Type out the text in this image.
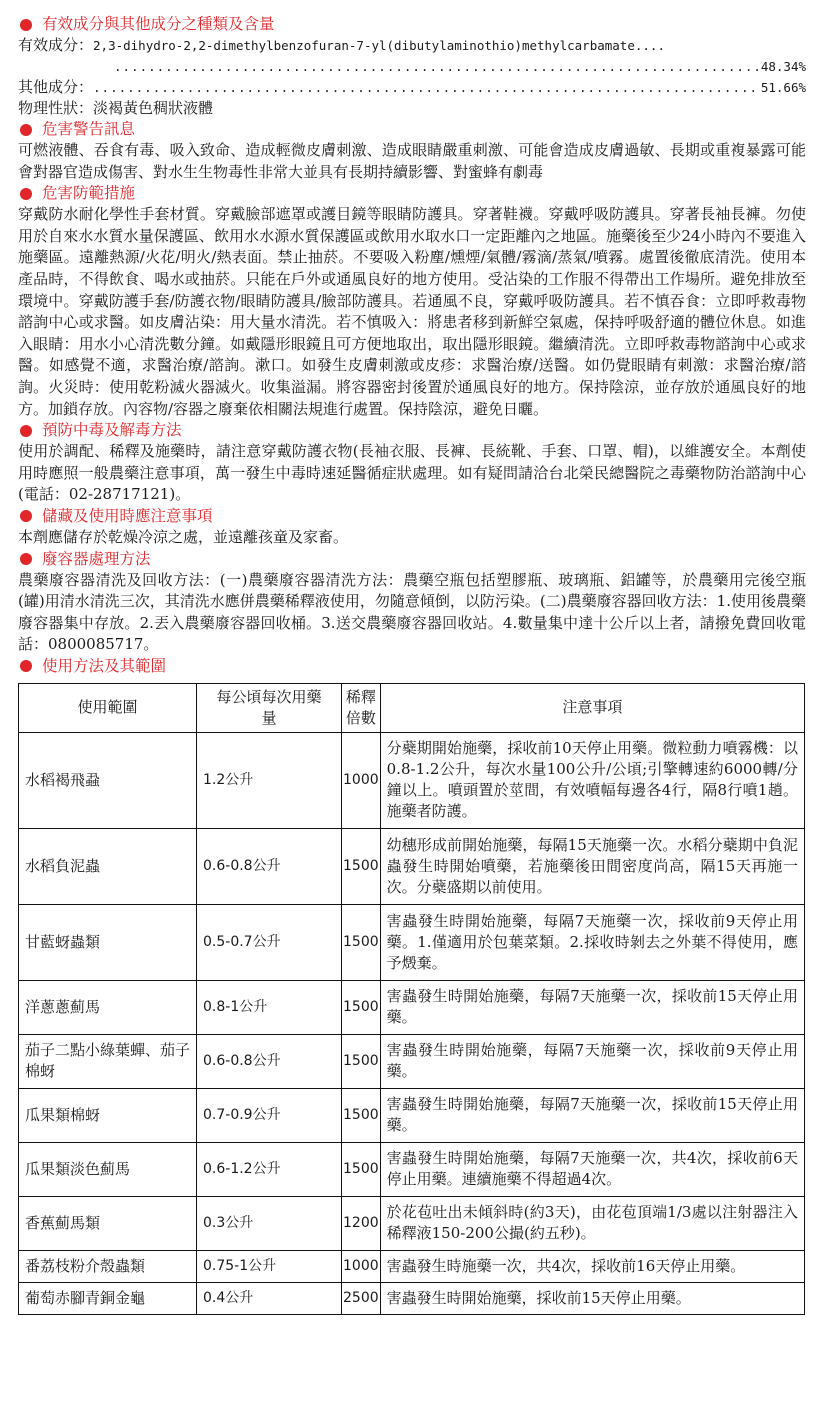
有效成分與其他成分之種類及含量
有效成分： 2,3-dihydro-2,2-dimethylbenzofuran-7-yl(dibutylaminothio)methylcarbamate....
.....
48.34%
其他成分： .....	51.66%
物理性狀：淡褐黃色稠狀液體
危害警告訊息
可燃液體、吞食有毒、吸入致命、造成輕微皮膚刺激、造成眼睛嚴重刺激、可能會造成皮膚過敏、長期或重複暴露可能會對器官造成傷害、對水生生物毒性非常大並具有長期持續影響、對蜜蜂有劇毒
危害防範措施
穿戴防水耐化學性手套材質。穿戴臉部遮罩或護目鏡等眼睛防護具。穿著鞋襪。穿戴呼吸防護具。穿著長袖長褲。勿使用於自來水水質水量保護區、飲用水水源水質保護區或飲用水取水口一定距離內之地區。施藥後至少24小時內不要進入施藥區。遠離熱源/火花/明火/熱表面。禁止抽菸。不要吸入粉塵/燻煙/氣體/霧滴/蒸氣/噴霧。處置後徹底清洗。使用本產品時，不得飲食、喝水或抽菸。只能在戶外或通風良好的地方使用。受沾染的工作服不得帶出工作場所。避免排放至環境中。穿戴防護手套/防護衣物/眼睛防護具/臉部防護具。若通風不良，穿戴呼吸防護具。若不慎吞食：立即呼救毒物諮詢中心或求醫。如皮膚沾染：用大量水清洗。若不慎吸入：將患者移到新鮮空氣處，保持呼吸舒適的體位休息。如進入眼睛：用水小心清洗數分鐘。如戴隱形眼鏡且可方便地取出，取出隱形眼鏡。繼續清洗。立即呼救毒物諮詢中心或求醫。如感覺不適，求醫治療/諮詢。漱口。如發生皮膚刺激或皮疹：求醫治療/送醫。如仍覺眼睛有刺激：求醫治療/諮詢。火災時：使用乾粉滅火器滅火。收集溢漏。將容器密封後置於通風良好的地方。保持陰涼，並存放於通風良好的地方。加鎖存放。內容物/容器之廢棄依相關法規進行處置。保持陰涼，避免日曬。
預防中毒及解毒方法
使用於調配、稀釋及施藥時，請注意穿戴防護衣物(長袖衣服、長褲、長統靴、手套、口罩、帽)，以維護安全。本劑使用時應照一般農藥注意事項，萬一發生中毒時速延醫循症狀處理。如有疑問請洽台北榮民總醫院之毒藥物防治諮詢中心(電話：02-28717121)。
儲藏及使用時應注意事項
本劑應儲存於乾燥冷涼之處，並遠離孩童及家畜。
廢容器處理方法
農藥廢容器清洗及回收方法：(一)農藥廢容器清洗方法：農藥空瓶包括塑膠瓶、玻璃瓶、鋁罐等，於農藥用完後空瓶(罐)用清水清洗三次，其清洗水應併農藥稀釋液使用，勿隨意傾倒，以防污染。(二)農藥廢容器回收方法：1.使用後農藥廢容器集中存放。2.丟入農藥廢容器回收桶。3.送交農藥廢容器回收站。4.數量集中達十公斤以上者，請撥免費回收電話：0800085717。
使用方法及其範圍
使用範圍	每公頃每次用藥量	稀釋倍數	注意事項
水稻褐飛蝨	1.2公升	1000	分蘗期開始施藥，採收前10天停止用藥。微粒動力噴霧機：以0.8-1.2公升，每次水量100公升/公頃;引擎轉速約6000轉/分鐘以上。噴頭置於莖間，有效噴幅每邊各4行，隔8行噴1趟。施藥者防護。
水稻負泥蟲	0.6-0.8公升	1500	幼穗形成前開始施藥，每隔15天施藥一次。水稻分蘗期中負泥蟲發生時開始噴藥，若施藥後田間密度尚高，隔15天再施一次。分蘗盛期以前使用。
甘藍蚜蟲類	0.5-0.7公升	1500	害蟲發生時開始施藥，每隔7天施藥一次，採收前9天停止用藥。1.僅適用於包葉菜類。2.採收時剝去之外葉不得使用，應予燬棄。
洋蔥蔥薊馬	0.8-1公升	1500	害蟲發生時開始施藥，每隔7天施藥一次，採收前15天停止用藥。
茄子二點小綠葉蟬、茄子棉蚜	0.6-0.8公升	1500	害蟲發生時開始施藥，每隔7天施藥一次，採收前9天停止用藥。
瓜果類棉蚜	0.7-0.9公升	1500	害蟲發生時開始施藥，每隔7天施藥一次，採收前15天停止用藥。
瓜果類淡色薊馬	0.6-1.2公升	1500	害蟲發生時開始施藥，每隔7天施藥一次，共4次，採收前6天停止用藥。連續施藥不得超過4次。
香蕉薊馬類	0.3公升	1200	於花苞吐出未傾斜時(約3天)，由花苞頂端1/3處以注射器注入稀釋液150-200公撮(約五秒)。
番荔枝粉介殼蟲類	0.75-1公升	1000	害蟲發生時施藥一次，共4次，採收前16天停止用藥。
葡萄赤腳青銅金龜	0.4公升	2500	害蟲發生時開始施藥，採收前15天停止用藥。
